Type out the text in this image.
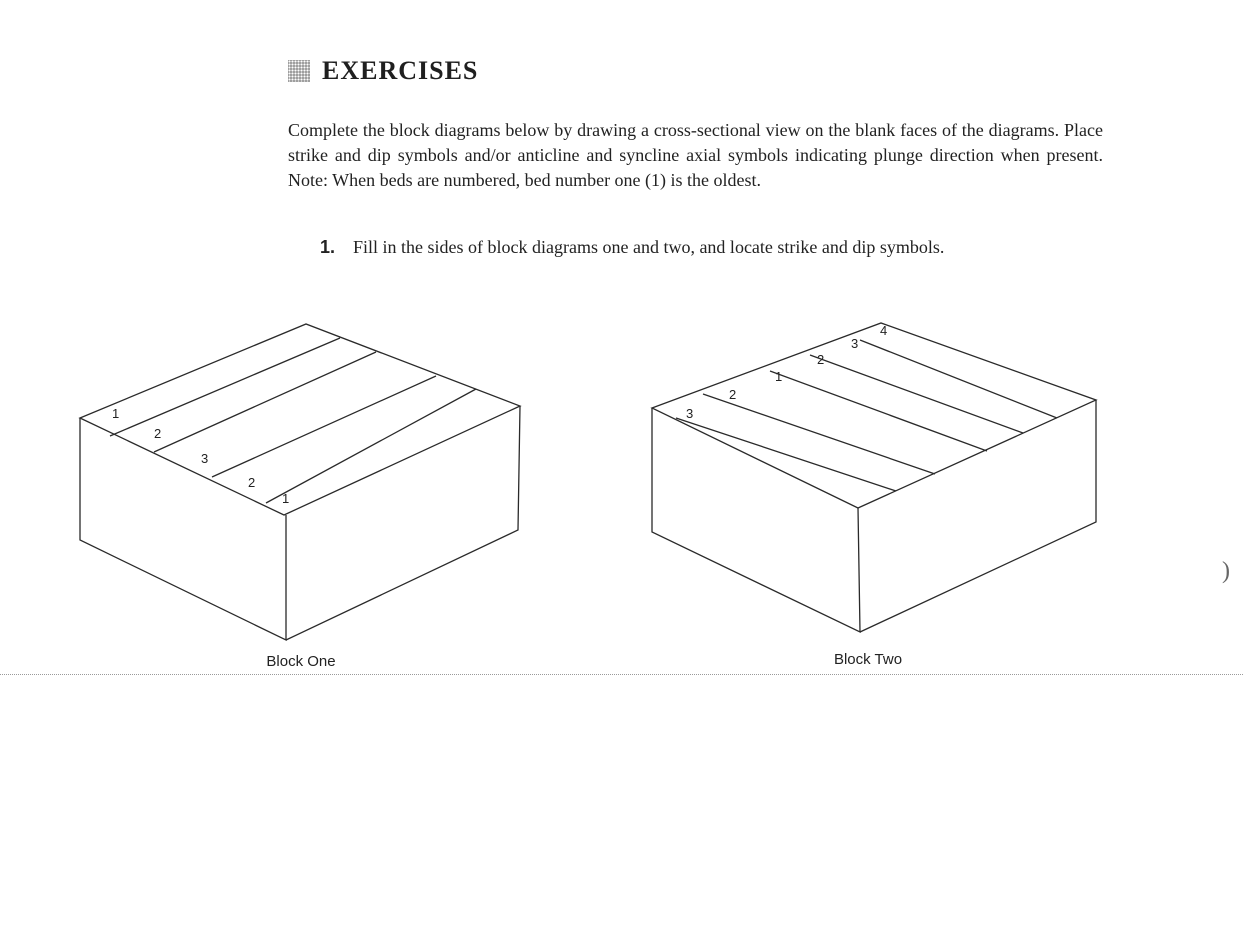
EXERCISES

Complete the block diagrams below by drawing a cross-sectional view on the blank faces of the diagrams. Place strike and dip symbols and/or anticline and syncline axial symbols indicating plunge direction when present. Note: When beds are numbered, bed number one (1) is the oldest.

1. Fill in the sides of block diagrams one and two, and locate strike and dip symbols.
1
2
3
2
1
Block One
3
2
1
2
3
4
Block Two
)
